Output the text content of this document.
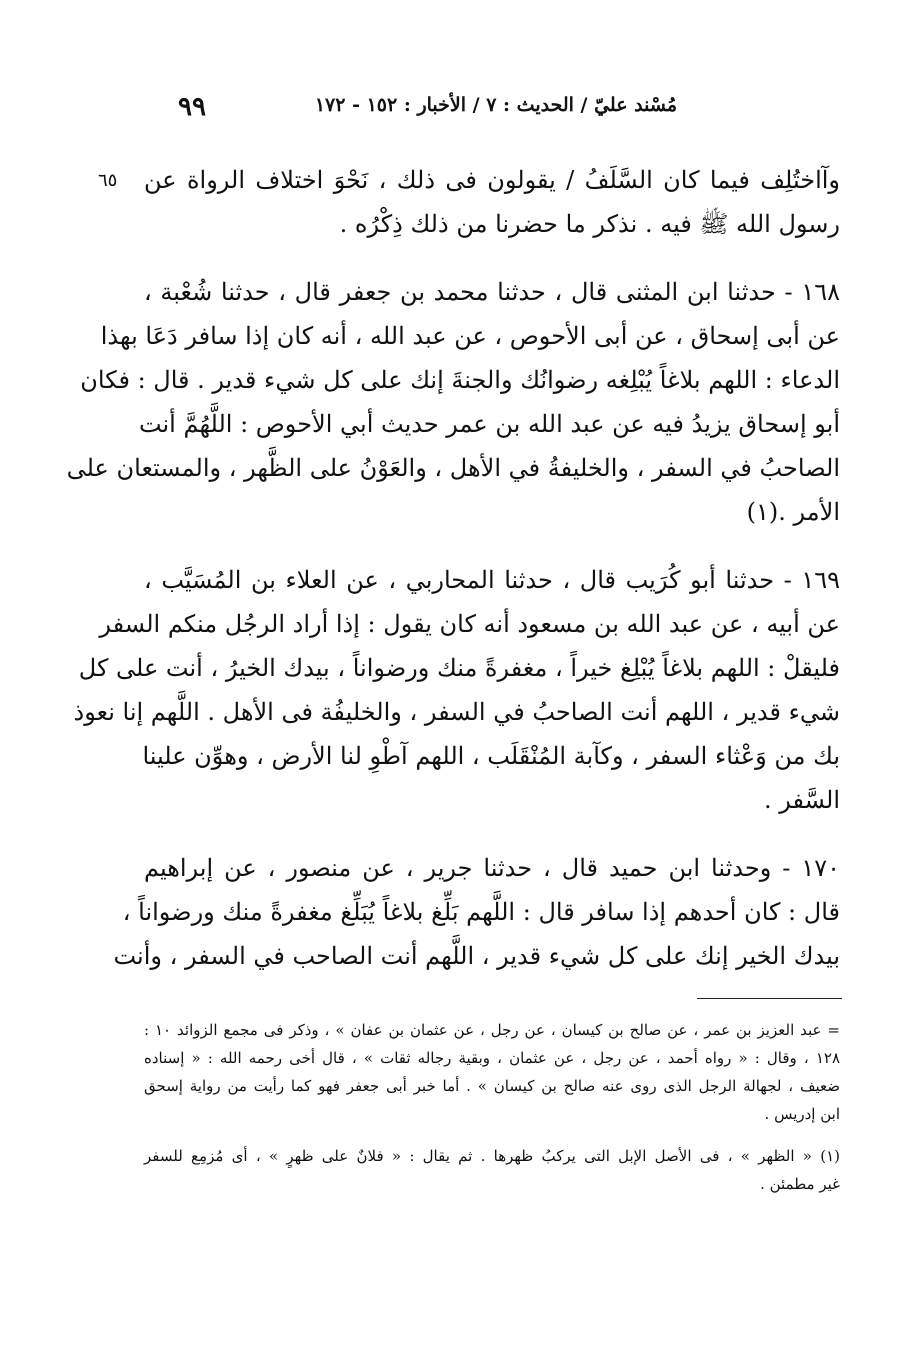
٩٩	مُسْند عليّ / الحديث : ٧ / الأخبار : ١٥٢ - ١٧٢
٦٥ وآاختُلِف فيما كان السَّلَفُ / يقولون فى ذلك ، نَحْوَ اختلاف الرواة عن
رسول الله ﷺ فيه . نذكر ما حضرنا من ذلك ذِكْرُه .
١٦٨ - حدثنا ابن المثنى قال ، حدثنا محمد بن جعفر قال ، حدثنا شُعْبة ،
عن أبى إسحاق ، عن أبى الأحوص ، عن عبد الله ، أنه كان إذا سافر دَعَا بهذا
الدعاء : اللهم بلاغاً يُبْلِغه رضوانُك والجنةَ إنك على كل شيء قدير . قال : فكان
أبو إسحاق يزيدُ فيه عن عبد الله بن عمر حديث أبي الأحوص : اللَّهُمَّ أنت
الصاحبُ في السفر ، والخليفةُ في الأهل ، والعَوْنُ على الظَّهر ، والمستعان على
الأمر .(١)
١٦٩ - حدثنا أبو كُرَيب قال ، حدثنا المحاربي ، عن العلاء بن المُسَيَّب ،
عن أبيه ، عن عبد الله بن مسعود أنه كان يقول : إذا أراد الرجُل منكم السفر
فليقلْ : اللهم بلاغاً يُبْلِغ خيراً ، مغفرةً منك ورضواناً ، بيدك الخيرُ ، أنت على كل
شيء قدير ، اللهم أنت الصاحبُ في السفر ، والخليفُة فى الأهل . اللَّهم إنا نعوذ
بك من وَعْثاء السفر ، وكآبة المُنْقَلَب ، اللهم آطْوِ لنا الأرض ، وهوِّن علينا
السَّفر .
١٧٠ - وحدثنا ابن حميد قال ، حدثنا جرير ، عن منصور ، عن إبراهيم
قال : كان أحدهم إذا سافر قال : اللَّهم بَلِّغ بلاغاً يُبَلِّغ مغفرةً منك ورضواناً ،
بيدك الخير إنك على كل شيء قدير ، اللَّهم أنت الصاحب في السفر ، وأنت
= عبد العزيز بن عمر ، عن صالح بن كيسان ، عن رجل ، عن عثمان بن عفان » ، وذكر فى مجمع الزوائد ١٠ :
١٢٨ ، وقال : « رواه أحمد ، عن رجل ، عن عثمان ، وبقية رجاله ثقات » ، قال أخى رحمه الله : « إسناده
ضعيف ، لجهالة الرجل الذى روى عنه صالح بن كيسان » . أما خبر أبى جعفر فهو كما رأيت من رواية إسحق
ابن إدريس .
(١) « الظهر » ، فى الأصل الإبل التى يركبُ ظهرها . ثم يقال : « فلانٌ على ظهرٍ » ، أى مُزمِع للسفر
غير مطمئن .
